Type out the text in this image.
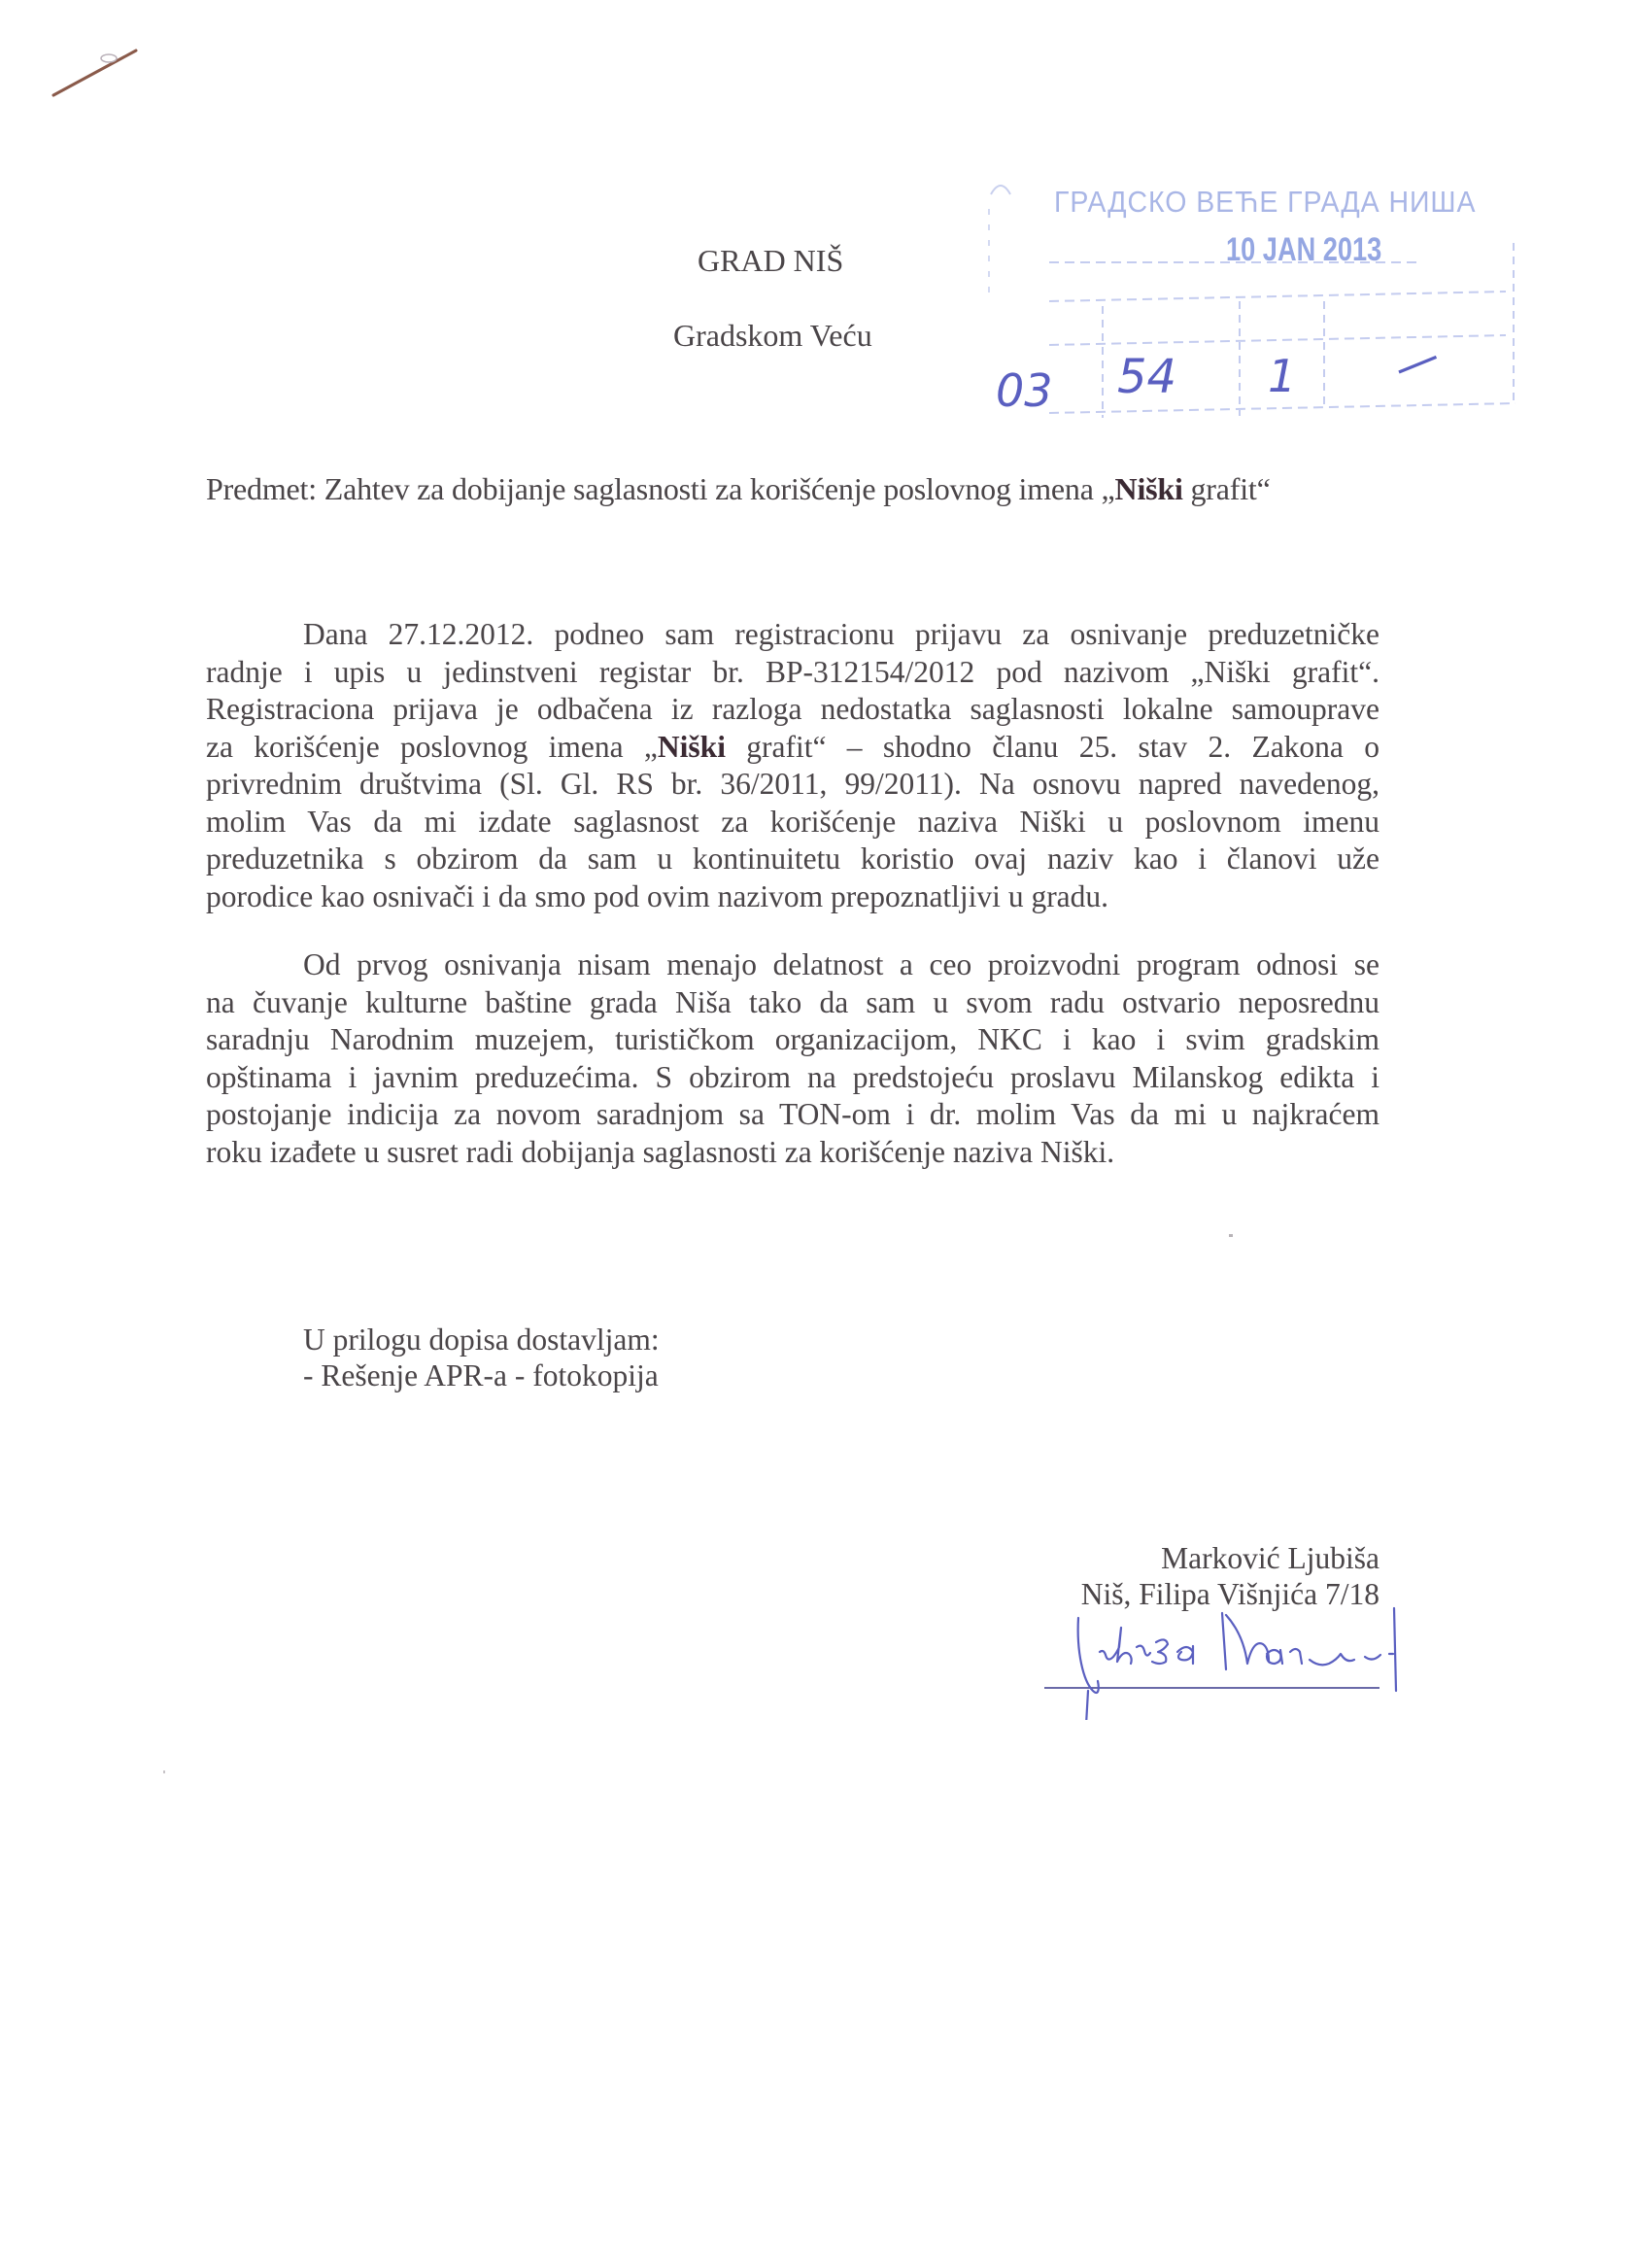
GRAD NIŠ
Gradskom Veću
ГРАДСКО ВЕЋЕ ГРАДА НИША
10 JAN 2013
03 54 1 —
Predmet: Zahtev za dobijanje saglasnosti za korišćenje poslovnog imena „Niški grafit“
Dana 27.12.2012. podneo sam registracionu prijavu za osnivanje preduzetničke
radnje i upis u jedinstveni registar br. BP-312154/2012 pod nazivom „Niški grafit“.
Registraciona prijava je odbačena iz razloga nedostatka saglasnosti lokalne samouprave
za korišćenje poslovnog imena „Niški grafit“ – shodno članu 25. stav 2. Zakona o
privrednim društvima (Sl. Gl. RS br. 36/2011, 99/2011). Na osnovu napred navedenog,
molim Vas da mi izdate saglasnost za korišćenje naziva Niški u poslovnom imenu
preduzetnika s obzirom da sam u kontinuitetu koristio ovaj naziv kao i članovi uže
porodice kao osnivači i da smo pod ovim nazivom prepoznatljivi u gradu.
Od prvog osnivanja nisam menajo delatnost a ceo proizvodni program odnosi se
na čuvanje kulturne baštine grada Niša tako da sam u svom radu ostvario neposrednu
saradnju Narodnim muzejem, turističkom organizacijom, NKC i kao i svim gradskim
opštinama i javnim preduzećima. S obzirom na predstojeću proslavu Milanskog edikta i
postojanje indicija za novom saradnjom sa TON-om i dr. molim Vas da mi u najkraćem
roku izađete u susret radi dobijanja saglasnosti za korišćenje naziva Niški.
U prilogu dopisa dostavljam:
- Rešenje APR-a - fotokopija
Marković Ljubiša
Niš, Filipa Višnjića 7/18
